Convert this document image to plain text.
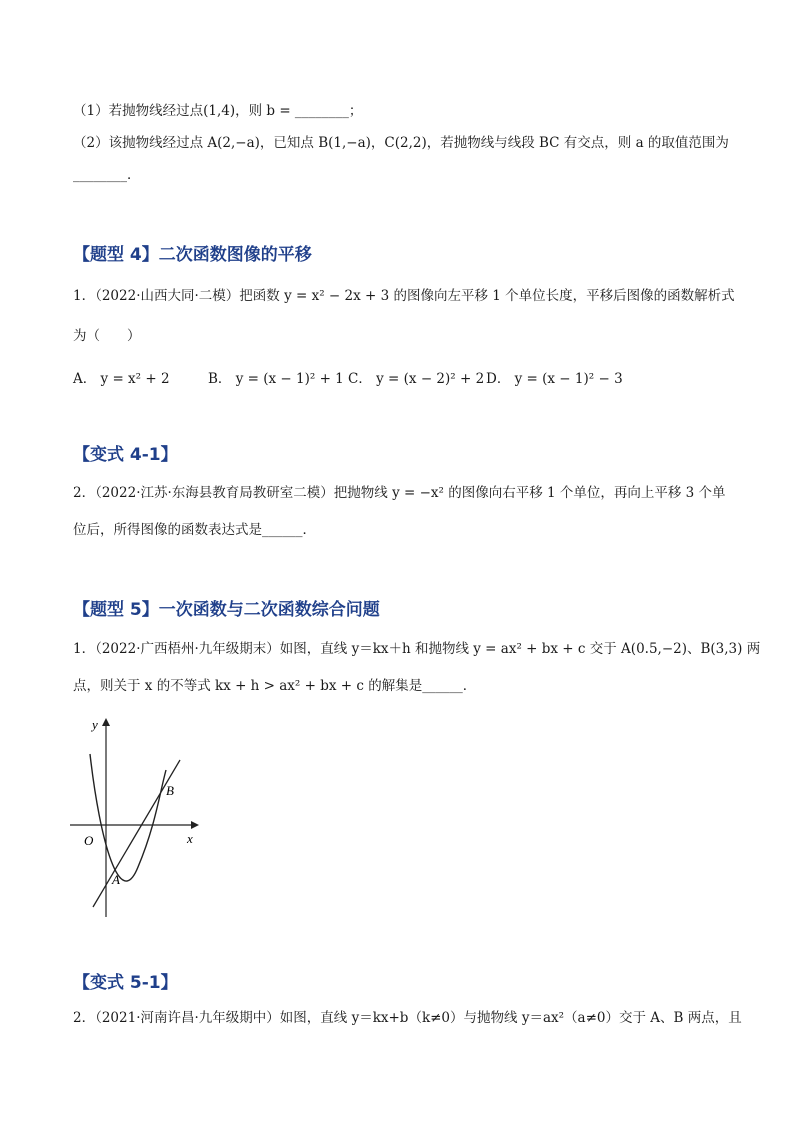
（1）若抛物线经过点(1,4)，则 b = ________；
（2）该抛物线经过点 A(2,−a)，已知点 B(1,−a)，C(2,2)，若抛物线与线段 BC 有交点，则 a 的取值范围为
________．
【题型 4】二次函数图像的平移
1．（2022·山西大同·二模）把函数 y = x² − 2x + 3 的图像向左平移 1 个单位长度，平移后图像的函数解析式
为（　　）
A． y = x² + 2	B． y = (x − 1)² + 1 C． y = (x − 2)² + 2 D． y = (x − 1)² − 3
【变式 4-1】
2．（2022·江苏·东海县教育局教研室二模）把抛物线 y = −x² 的图像向右平移 1 个单位，再向上平移 3 个单
位后，所得图像的函数表达式是______．
【题型 5】一次函数与二次函数综合问题
1．（2022·广西梧州·九年级期末）如图，直线 y＝kx＋h 和抛物线 y = ax² + bx + c 交于 A(0.5,−2)、B(3,3) 两
点，则关于 x 的不等式 kx + h > ax² + bx + c 的解集是______．
y
x
O
A
B
【变式 5-1】
2．（2021·河南许昌·九年级期中）如图，直线 y＝kx+b（k≠0）与抛物线 y＝ax²（a≠0）交于 A、B 两点，且
